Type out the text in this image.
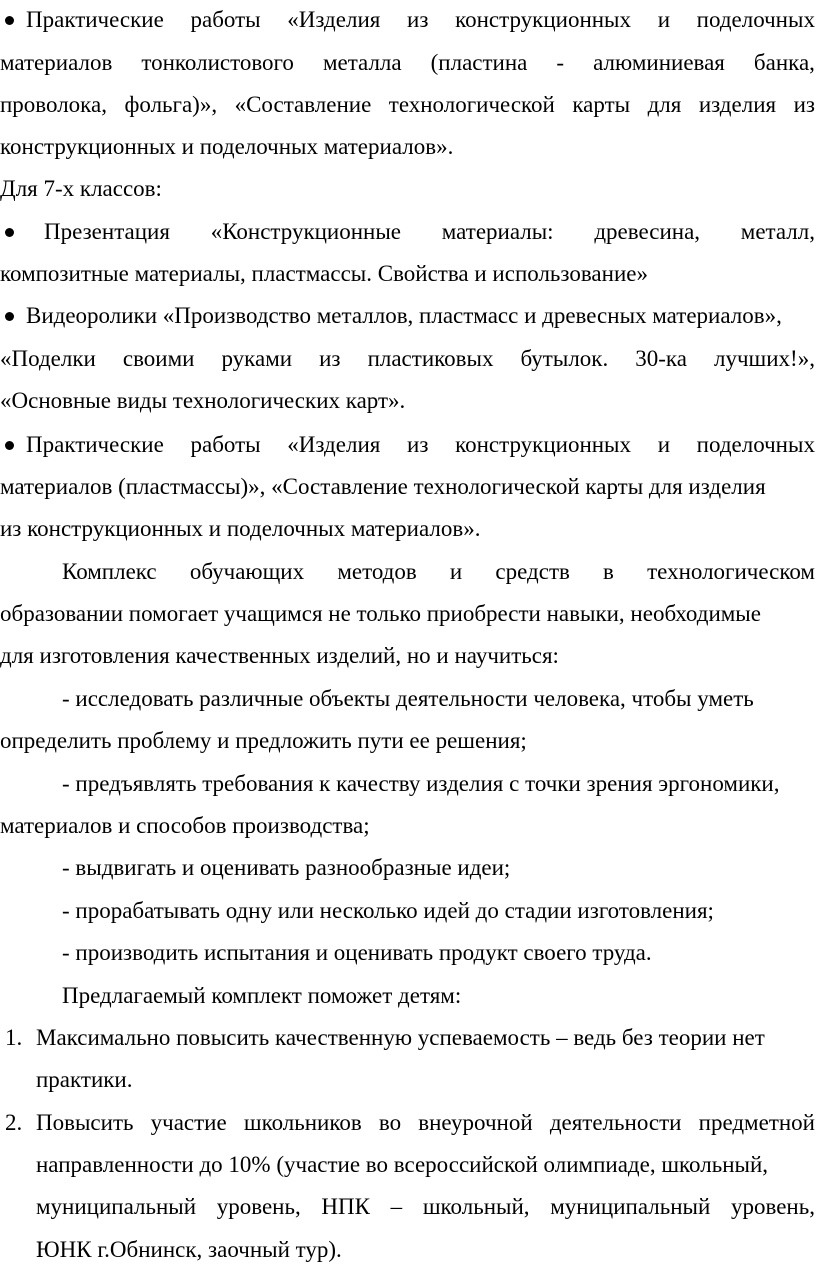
Практические работы «Изделия из конструкционных и поделочных
материалов тонколистового металла (пластина - алюминиевая банка,
проволока, фольга)», «Составление технологической карты для изделия из
конструкционных и поделочных материалов».
Для 7-х классов:
Презентация «Конструкционные материалы: древесина, металл,
композитные материалы, пластмассы. Свойства и использование»
Видеоролики «Производство металлов, пластмасс и древесных материалов»,
«Поделки своими руками из пластиковых бутылок. 30-ка лучших!»,
«Основные виды технологических карт».
Практические работы «Изделия из конструкционных и поделочных
материалов (пластмассы)», «Составление технологической карты для изделия
из конструкционных и поделочных материалов».
Комплекс обучающих методов и средств в технологическом
образовании помогает учащимся не только приобрести навыки, необходимые
для изготовления качественных изделий, но и научиться:
- исследовать различные объекты деятельности человека, чтобы уметь
определить проблему и предложить пути ее решения;
- предъявлять требования к качеству изделия с точки зрения эргономики,
материалов и способов производства;
- выдвигать и оценивать разнообразные идеи;
- прорабатывать одну или несколько идей до стадии изготовления;
- производить испытания и оценивать продукт своего труда.
Предлагаемый комплект поможет детям:
1. Максимально повысить качественную успеваемость – ведь без теории нет
практики.
2. Повысить участие школьников во внеурочной деятельности предметной
направленности до 10% (участие во всероссийской олимпиаде, школьный,
муниципальный уровень, НПК – школьный, муниципальный уровень,
ЮНК г.Обнинск, заочный тур).
